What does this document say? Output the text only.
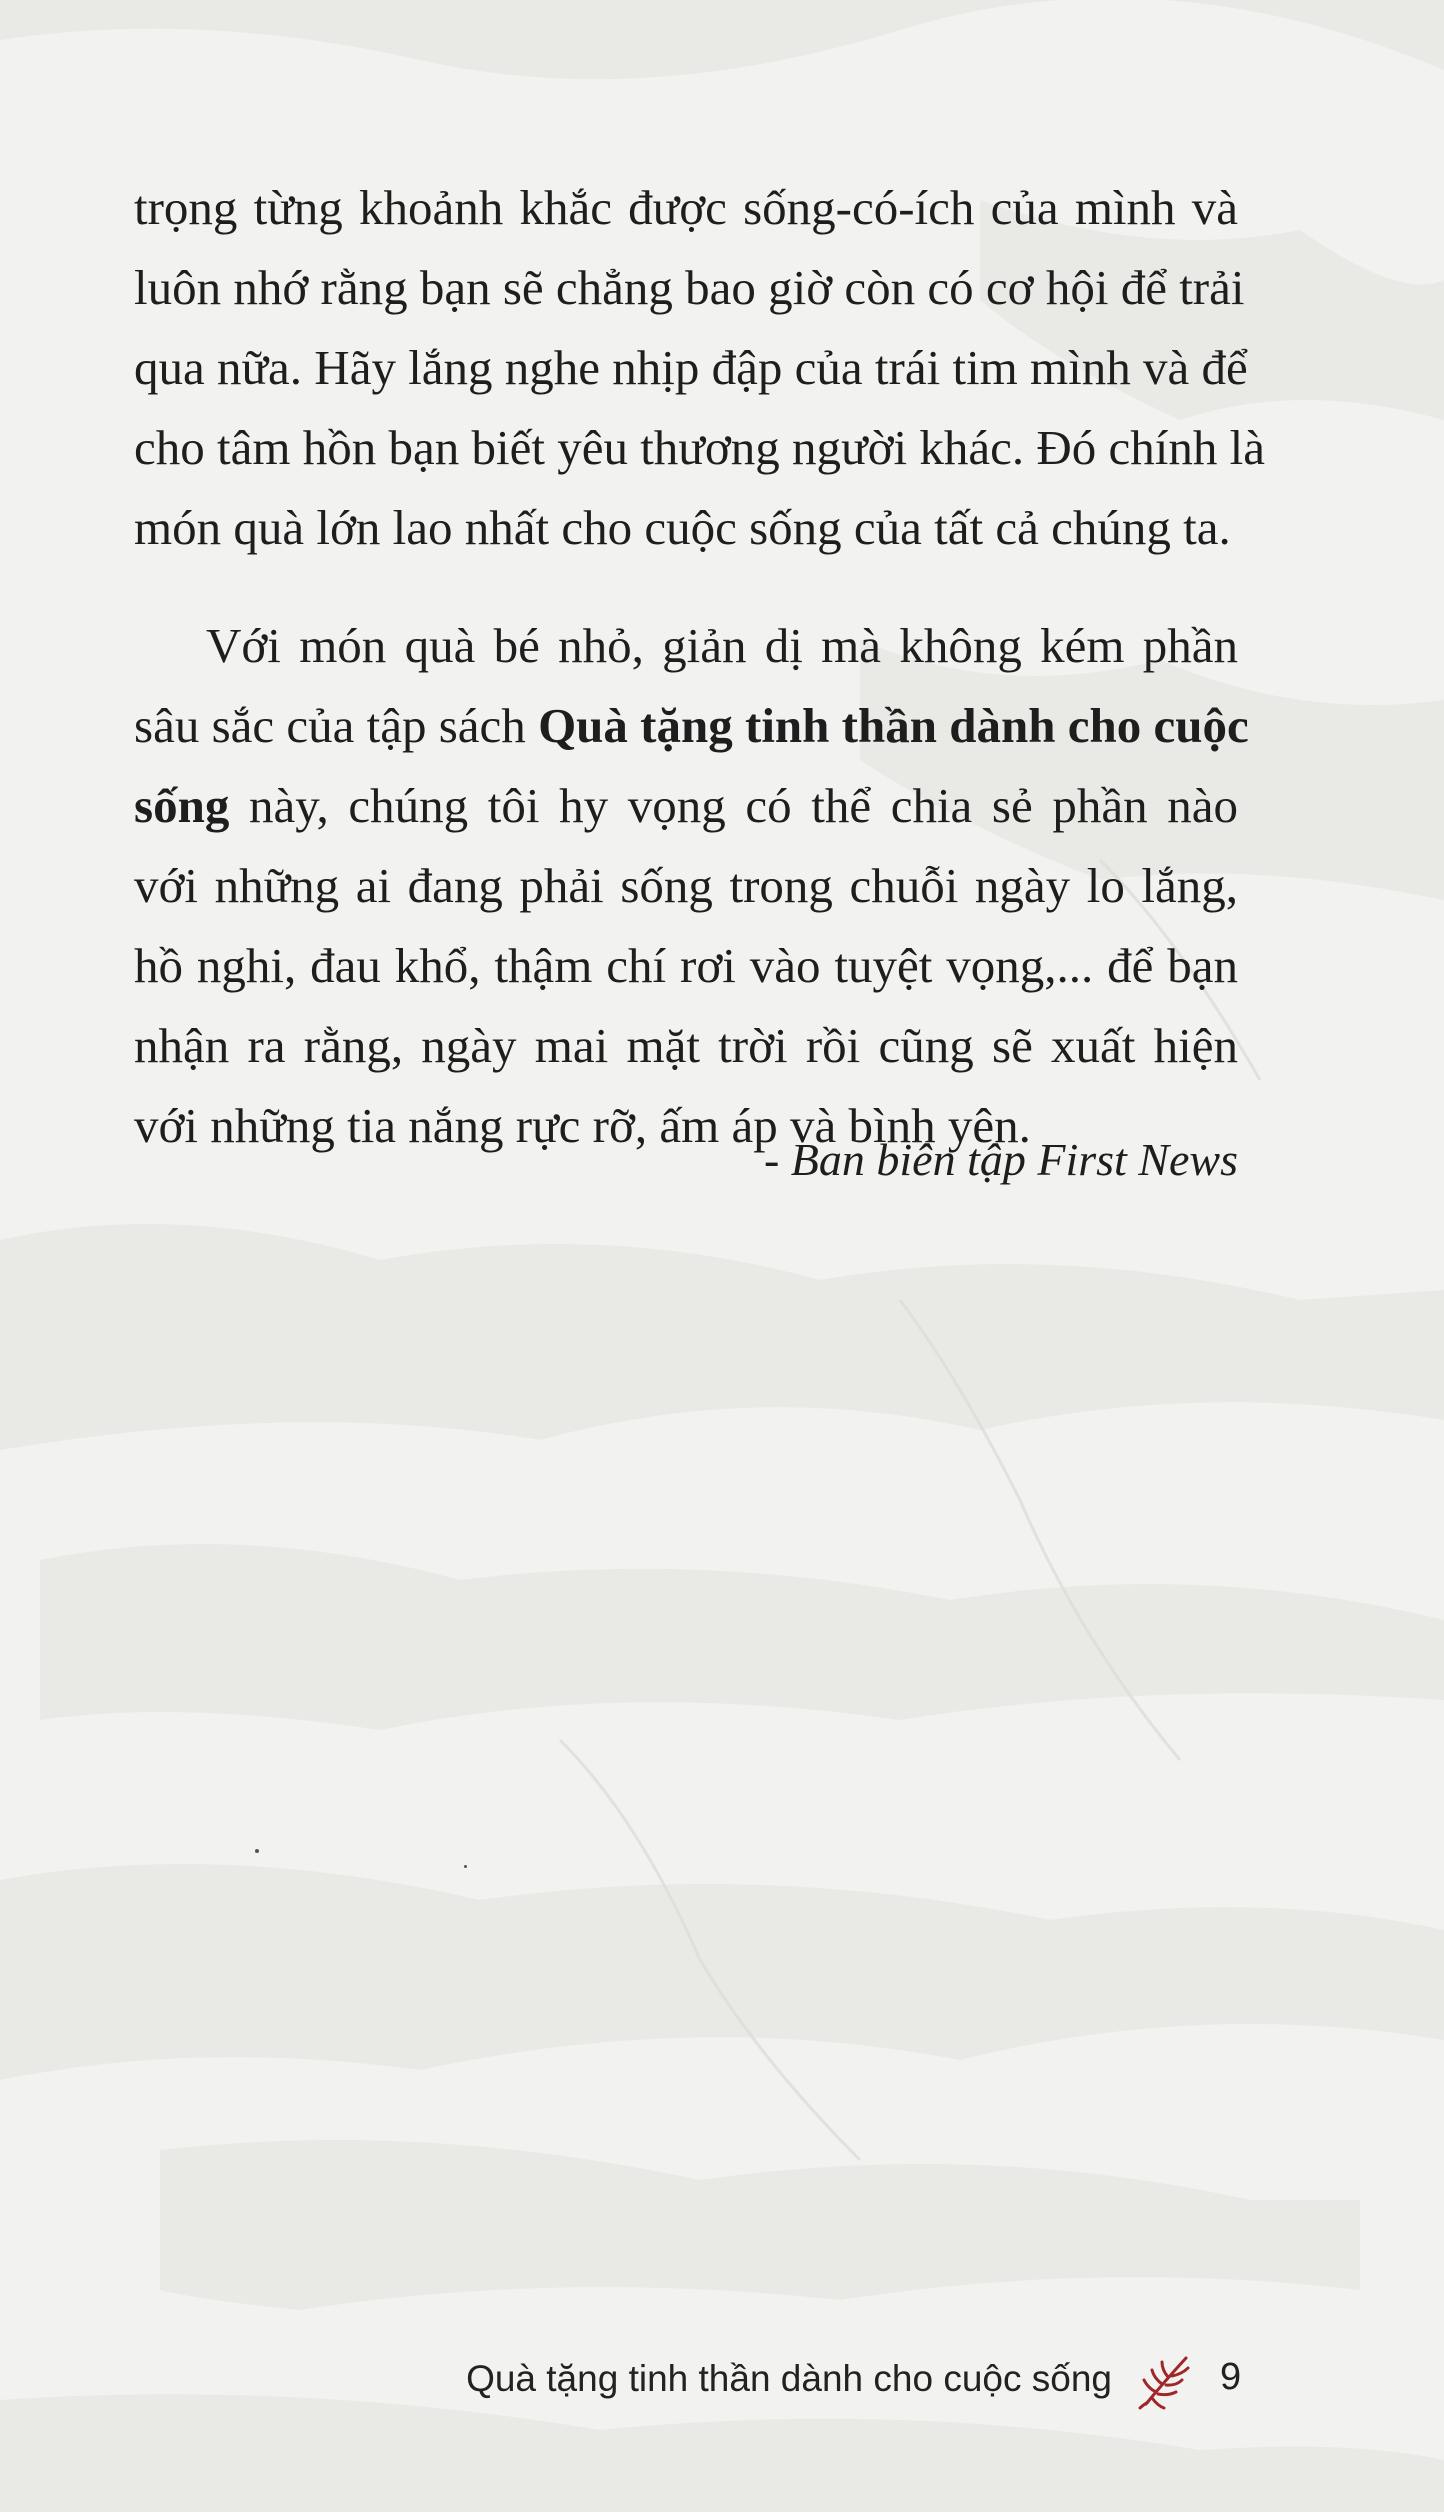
trọng từng khoảnh khắc được sống-có-ích của mình và
luôn nhớ rằng bạn sẽ chẳng bao giờ còn có cơ hội để trải
qua nữa. Hãy lắng nghe nhịp đập của trái tim mình và để
cho tâm hồn bạn biết yêu thương người khác. Đó chính là
món quà lớn lao nhất cho cuộc sống của tất cả chúng ta.
Với món quà bé nhỏ, giản dị mà không kém phần
sâu sắc của tập sách Quà tặng tinh thần dành cho cuộc
sống này, chúng tôi hy vọng có thể chia sẻ phần nào
với những ai đang phải sống trong chuỗi ngày lo lắng,
hồ nghi, đau khổ, thậm chí rơi vào tuyệt vọng,... để bạn
nhận ra rằng, ngày mai mặt trời rồi cũng sẽ xuất hiện
với những tia nắng rực rỡ, ấm áp và bình yên.
- Ban biên tập First News
Quà tặng tinh thần dành cho cuộc sống	9
